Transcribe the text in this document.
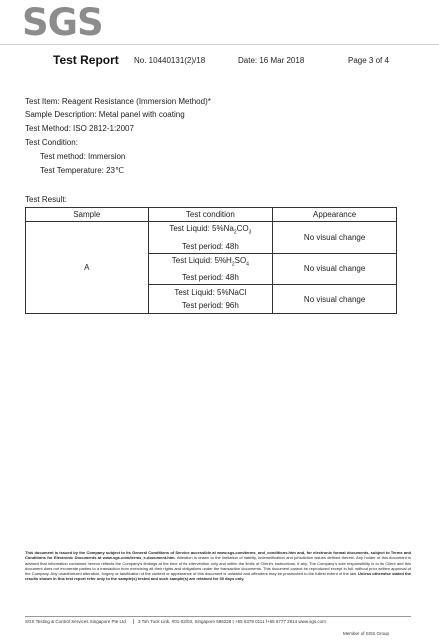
SGS
Test Report No. 10440131(2)/18	Date: 16 Mar 2018	Page 3 of 4
Test Item: Reagent Resistance (Immersion Method)*
Sample Description: Metal panel with coating
Test Method: ISO 2812-1:2007
Test Condition:
Test method: Immersion
Test Temperature: 23℃
Test Result:
Sample	Test condition	Appearance
A	Test Liquid: $5\%Na_2CO_3$
Test period: 48h	No visual change

	Test Liquid: $5\%H_2SO_4$
Test period: 48h	No visual change

	Test Liquid: 5%NaCl
Test period: 96h	No visual change
This document is issued by the Company subject to its General Conditions of Service accessible at www.sgs.com/terms_and_conditions.htm and, for electronic format documents, subject to Terms and Conditions for Electronic Documents at www.sgs.com/terms_e-document.htm. Attention is drawn to the limitation of liability, indemnification and jurisdiction issues defined therein. Any holder of this document is advised that information contained hereon reflects the Company's findings at the time of its intervention only and within the limits of Client's instructions, if any. The Company's sole responsibility is to its Client and this document does not exonerate parties to a transaction from exercising all their rights and obligations under the transaction documents. This document cannot be reproduced except in full, without prior written approval of the Company. Any unauthorized alteration, forgery or falsification of the content or appearance of this document is unlawful and offenders may be prosecuted to the fullest extent of the law. Unless otherwise stated the results shown in this test report refer only to the sample(s) tested and such sample(s) are retained for 30 days only.
SGS Testing & Control Services Singapore Pte Ltd	3 Toh Tuck Link, #01-02/03, Singapore 596228 t +65 6379 0111 f+65 6777 2914 www.sgs.com
Member of SGS Group
